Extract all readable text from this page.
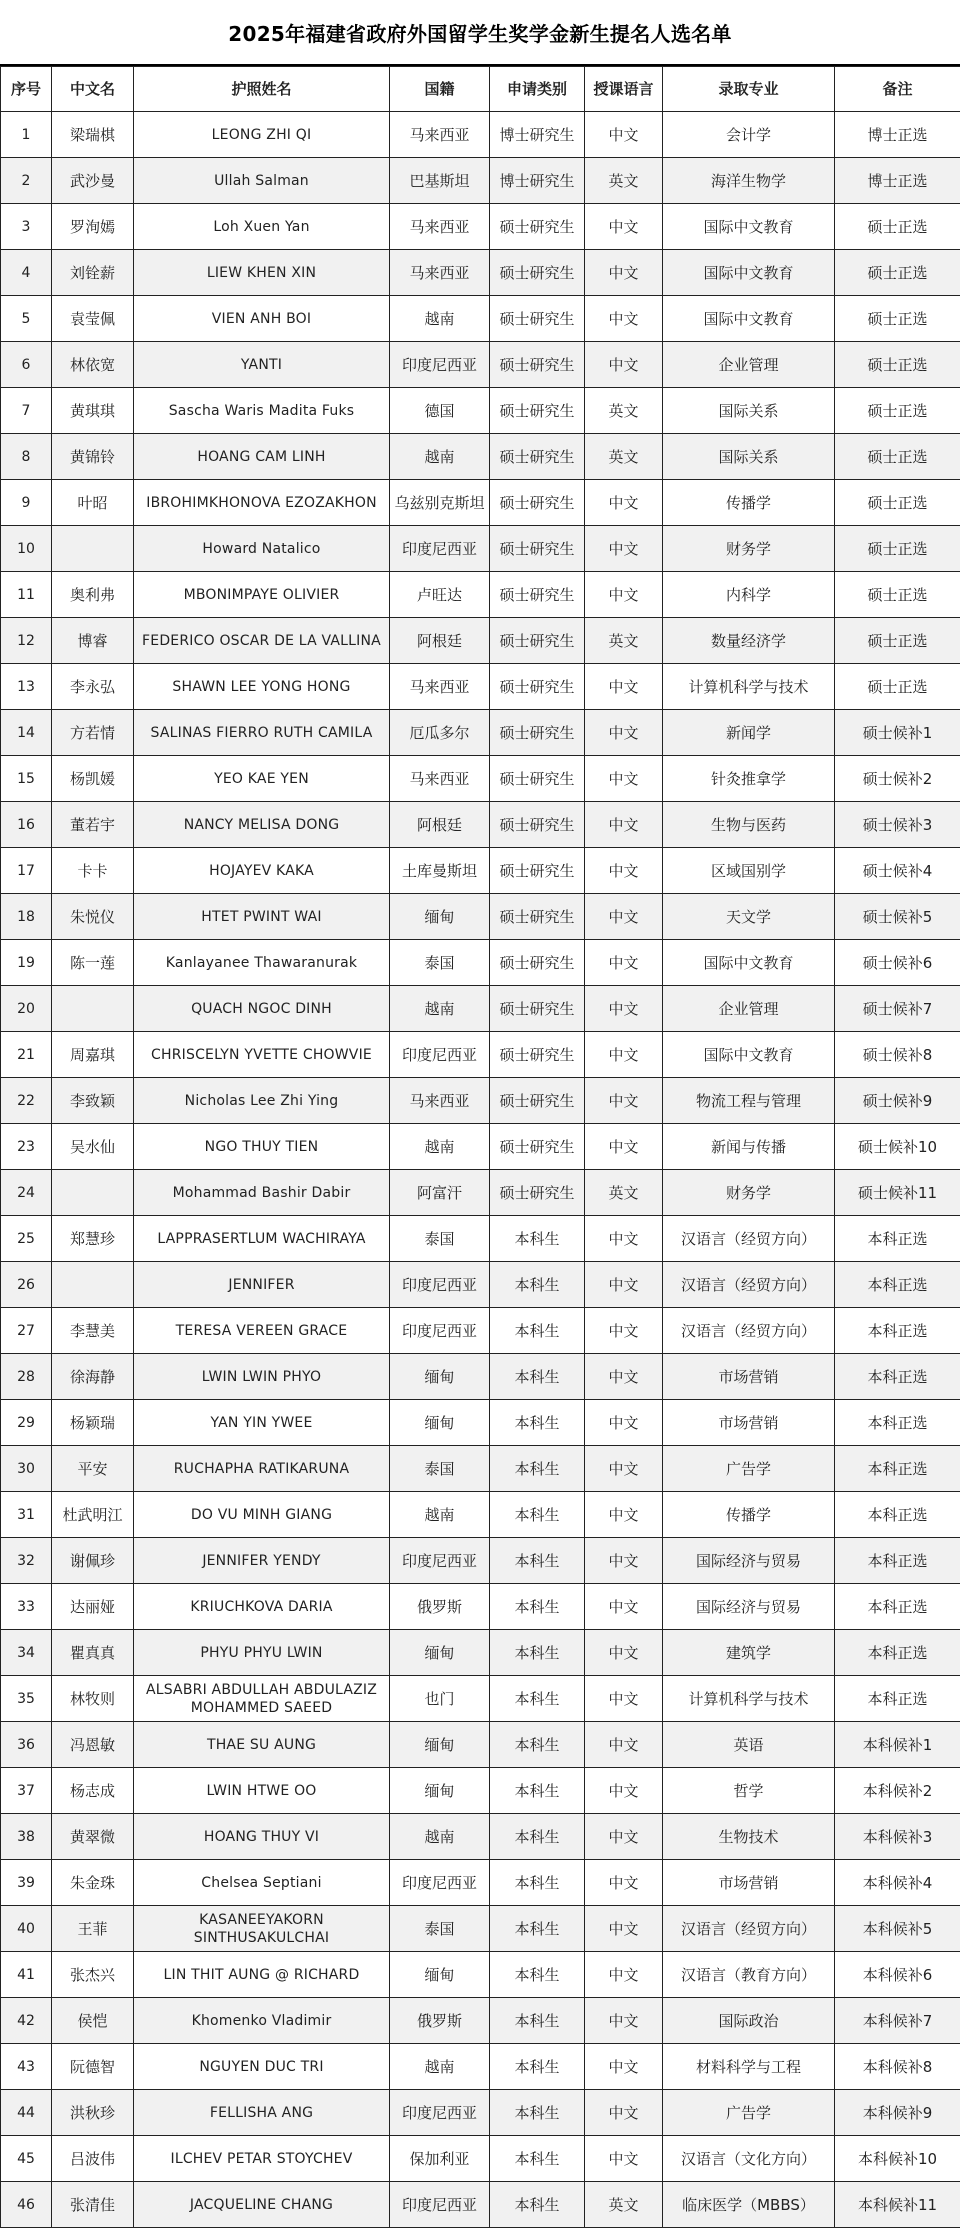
2025年福建省政府外国留学生奖学金新生提名人选名单
序号	中文名	护照姓名	国籍	申请类别	授课语言	录取专业	备注
1	梁瑞棋	LEONG ZHI QI	马来西亚	博士研究生	中文	会计学	博士正选
2	武沙曼	Ullah Salman	巴基斯坦	博士研究生	英文	海洋生物学	博士正选
3	罗洵嫣	Loh Xuen Yan	马来西亚	硕士研究生	中文	国际中文教育	硕士正选
4	刘铨薪	LIEW KHEN XIN	马来西亚	硕士研究生	中文	国际中文教育	硕士正选
5	袁莹佩	VIEN ANH BOI	越南	硕士研究生	中文	国际中文教育	硕士正选
6	林依宽	YANTI	印度尼西亚	硕士研究生	中文	企业管理	硕士正选
7	黄琪琪	Sascha Waris Madita Fuks	德国	硕士研究生	英文	国际关系	硕士正选
8	黄锦铃	HOANG CAM LINH	越南	硕士研究生	英文	国际关系	硕士正选
9	叶昭	IBROHIMKHONOVA EZOZAKHON	乌兹别克斯坦	硕士研究生	中文	传播学	硕士正选
10		Howard Natalico	印度尼西亚	硕士研究生	中文	财务学	硕士正选
11	奥利弗	MBONIMPAYE OLIVIER	卢旺达	硕士研究生	中文	内科学	硕士正选
12	博睿	FEDERICO OSCAR DE LA VALLINA	阿根廷	硕士研究生	英文	数量经济学	硕士正选
13	李永弘	SHAWN LEE YONG HONG	马来西亚	硕士研究生	中文	计算机科学与技术	硕士正选
14	方若情	SALINAS FIERRO RUTH CAMILA	厄瓜多尔	硕士研究生	中文	新闻学	硕士候补1
15	杨凯媛	YEO KAE YEN	马来西亚	硕士研究生	中文	针灸推拿学	硕士候补2
16	董若宇	NANCY MELISA DONG	阿根廷	硕士研究生	中文	生物与医药	硕士候补3
17	卡卡	HOJAYEV KAKA	土库曼斯坦	硕士研究生	中文	区域国别学	硕士候补4
18	朱悦仪	HTET PWINT WAI	缅甸	硕士研究生	中文	天文学	硕士候补5
19	陈一莲	Kanlayanee Thawaranurak	泰国	硕士研究生	中文	国际中文教育	硕士候补6
20		QUACH NGOC DINH	越南	硕士研究生	中文	企业管理	硕士候补7
21	周嘉琪	CHRISCELYN YVETTE CHOWVIE	印度尼西亚	硕士研究生	中文	国际中文教育	硕士候补8
22	李致颖	Nicholas Lee Zhi Ying	马来西亚	硕士研究生	中文	物流工程与管理	硕士候补9
23	吴水仙	NGO THUY TIEN	越南	硕士研究生	中文	新闻与传播	硕士候补10
24		Mohammad Bashir Dabir	阿富汗	硕士研究生	英文	财务学	硕士候补11
25	郑慧珍	LAPPRASERTLUM WACHIRAYA	泰国	本科生	中文	汉语言（经贸方向）	本科正选
26		JENNIFER	印度尼西亚	本科生	中文	汉语言（经贸方向）	本科正选
27	李慧美	TERESA VEREEN GRACE	印度尼西亚	本科生	中文	汉语言（经贸方向）	本科正选
28	徐海静	LWIN LWIN PHYO	缅甸	本科生	中文	市场营销	本科正选
29	杨颖瑞	YAN YIN YWEE	缅甸	本科生	中文	市场营销	本科正选
30	平安	RUCHAPHA RATIKARUNA	泰国	本科生	中文	广告学	本科正选
31	杜武明江	DO VU MINH GIANG	越南	本科生	中文	传播学	本科正选
32	谢佩珍	JENNIFER YENDY	印度尼西亚	本科生	中文	国际经济与贸易	本科正选
33	达丽娅	KRIUCHKOVA DARIA	俄罗斯	本科生	中文	国际经济与贸易	本科正选
34	瞿真真	PHYU PHYU LWIN	缅甸	本科生	中文	建筑学	本科正选
35	林牧则	ALSABRI ABDULLAH ABDULAZIZ MOHAMMED SAEED	也门	本科生	中文	计算机科学与技术	本科正选
36	冯恩敏	THAE SU AUNG	缅甸	本科生	中文	英语	本科候补1
37	杨志成	LWIN HTWE OO	缅甸	本科生	中文	哲学	本科候补2
38	黄翠微	HOANG THUY VI	越南	本科生	中文	生物技术	本科候补3
39	朱金珠	Chelsea Septiani	印度尼西亚	本科生	中文	市场营销	本科候补4
40	王菲	KASANEEYAKORN SINTHUSAKULCHAI	泰国	本科生	中文	汉语言（经贸方向）	本科候补5
41	张杰兴	LIN THIT AUNG @ RICHARD	缅甸	本科生	中文	汉语言（教育方向）	本科候补6
42	侯恺	Khomenko Vladimir	俄罗斯	本科生	中文	国际政治	本科候补7
43	阮德智	NGUYEN DUC TRI	越南	本科生	中文	材料科学与工程	本科候补8
44	洪秋珍	FELLISHA ANG	印度尼西亚	本科生	中文	广告学	本科候补9
45	吕波伟	ILCHEV PETAR STOYCHEV	保加利亚	本科生	中文	汉语言（文化方向）	本科候补10
46	张清佳	JACQUELINE CHANG	印度尼西亚	本科生	英文	临床医学（MBBS）	本科候补11
